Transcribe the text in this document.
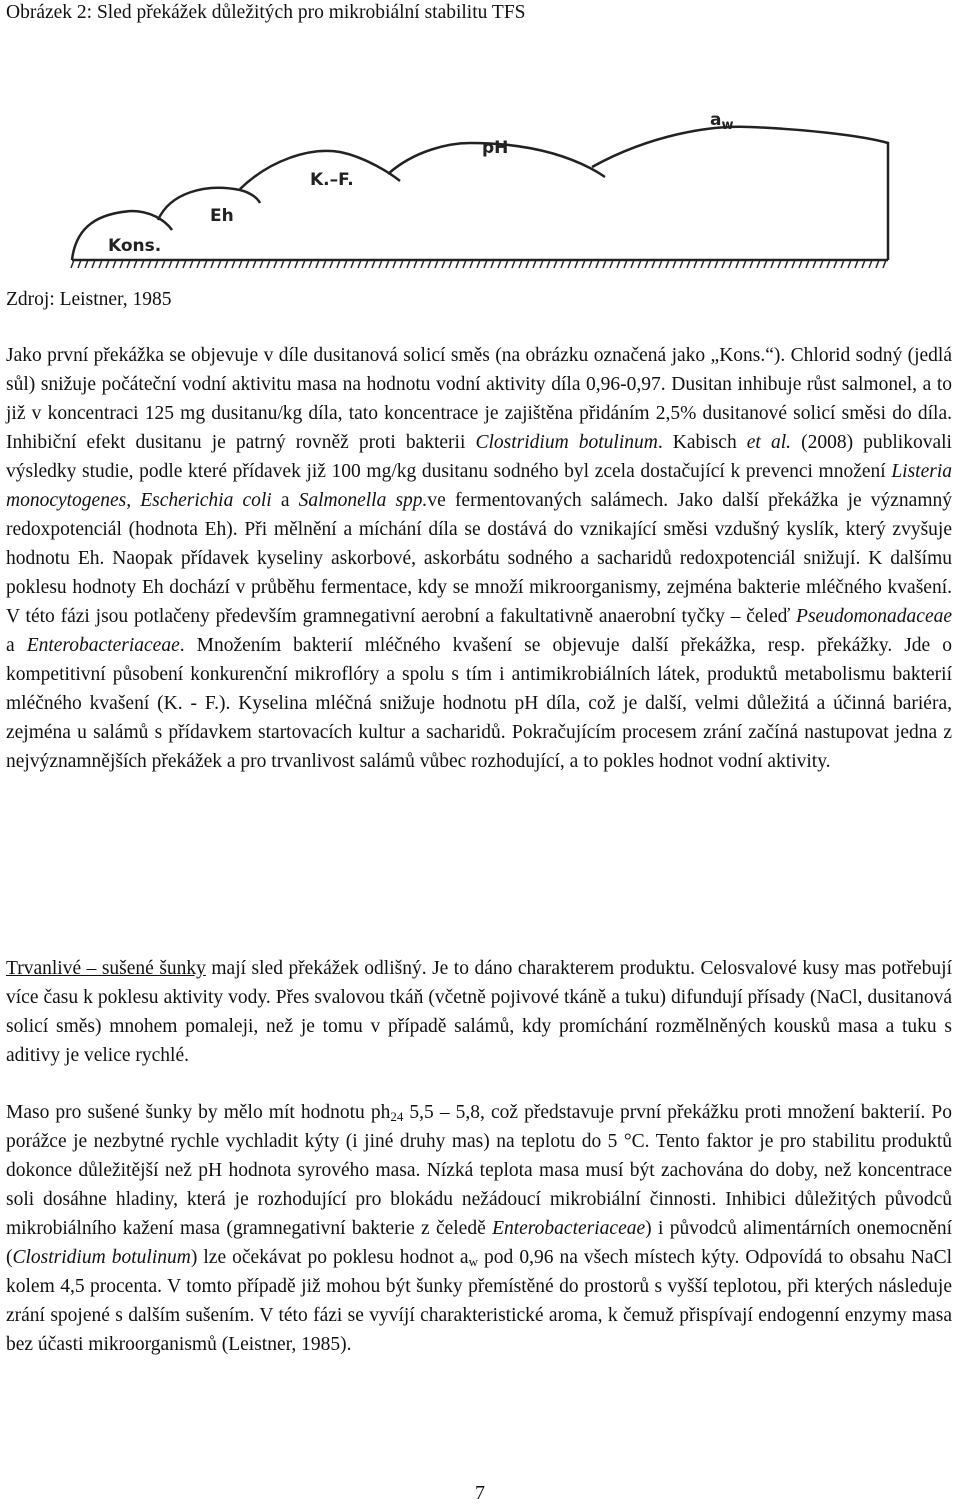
Obrázek 2: Sled překážek důležitých pro mikrobiální stabilitu TFS
Kons.
Eh
K.–F.
pH
$a_w$
Zdroj: Leistner, 1985

Jako první překážka se objevuje v díle dusitanová solicí směs (na obrázku označená jako „Kons.“). Chlorid sodný (jedlá sůl) snižuje počáteční vodní aktivitu masa na hodnotu vodní aktivity díla 0,96-0,97. Dusitan inhibuje růst salmonel, a to již v koncentraci 125 mg dusitanu/kg díla, tato koncentrace je zajištěna přidáním 2,5% dusitanové solicí směsi do díla. Inhibiční efekt dusitanu je patrný rovněž proti bakterii Clostridium botulinum. Kabisch et al. (2008) publikovali výsledky studie, podle které přídavek již 100 mg/kg dusitanu sodného byl zcela dostačující k prevenci množení Listeria monocytogenes, Escherichia coli a Salmonella spp.ve fermentovaných salámech. Jako další překážka je významný redoxpotenciál (hodnota Eh). Při mělnění a míchání díla se dostává do vznikající směsi vzdušný kyslík, který zvyšuje hodnotu Eh. Naopak přídavek kyseliny askorbové, askorbátu sodného a sacharidů redoxpotenciál snižují. K dalšímu poklesu hodnoty Eh dochází v průběhu fermentace, kdy se množí mikroorganismy, zejména bakterie mléčného kvašení. V této fázi jsou potlačeny především gramnegativní aerobní a fakultativně anaerobní tyčky – čeleď Pseudomonadaceae a Enterobacteriaceae. Množením bakterií mléčného kvašení se objevuje další překážka, resp. překážky. Jde o kompetitivní působení konkurenční mikroflóry a spolu s tím i antimikrobiálních látek, produktů metabolismu bakterií mléčného kvašení (K. - F.). Kyselina mléčná snižuje hodnotu pH díla, což je další, velmi důležitá a účinná bariéra, zejména u salámů s přídavkem startovacích kultur a sacharidů. Pokračujícím procesem zrání začíná nastupovat jedna z nejvýznamnějších překážek a pro trvanlivost salámů vůbec rozhodující, a to pokles hodnot vodní aktivity.

Trvanlivé – sušené šunky mají sled překážek odlišný. Je to dáno charakterem produktu. Celosvalové kusy mas potřebují více času k poklesu aktivity vody. Přes svalovou tkáň (včetně pojivové tkáně a tuku) difundují přísady (NaCl, dusitanová solicí směs) mnohem pomaleji, než je tomu v případě salámů, kdy promíchání rozmělněných kousků masa a tuku s aditivy je velice rychlé.

Maso pro sušené šunky by mělo mít hodnotu $ph_{24}$ 5,5 – 5,8, což představuje první překážku proti množení bakterií. Po porážce je nezbytné rychle vychladit kýty (i jiné druhy mas) na teplotu do 5 °C. Tento faktor je pro stabilitu produktů dokonce důležitější než pH hodnota syrového masa. Nízká teplota masa musí být zachována do doby, než koncentrace soli dosáhne hladiny, která je rozhodující pro blokádu nežádoucí mikrobiální činnosti. Inhibici důležitých původců mikrobiálního kažení masa (gramnegativní bakterie z čeledě Enterobacteriaceae) i původců alimentárních onemocnění (Clostridium botulinum) lze očekávat po poklesu hodnot $a_w$ pod 0,96 na všech místech kýty. Odpovídá to obsahu NaCl kolem 4,5 procenta. V tomto případě již mohou být šunky přemístěné do prostorů s vyšší teplotou, při kterých následuje zrání spojené s dalším sušením. V této fázi se vyvíjí charakteristické aroma, k čemuž přispívají endogenní enzymy masa bez účasti mikroorganismů (Leistner, 1985).

7
